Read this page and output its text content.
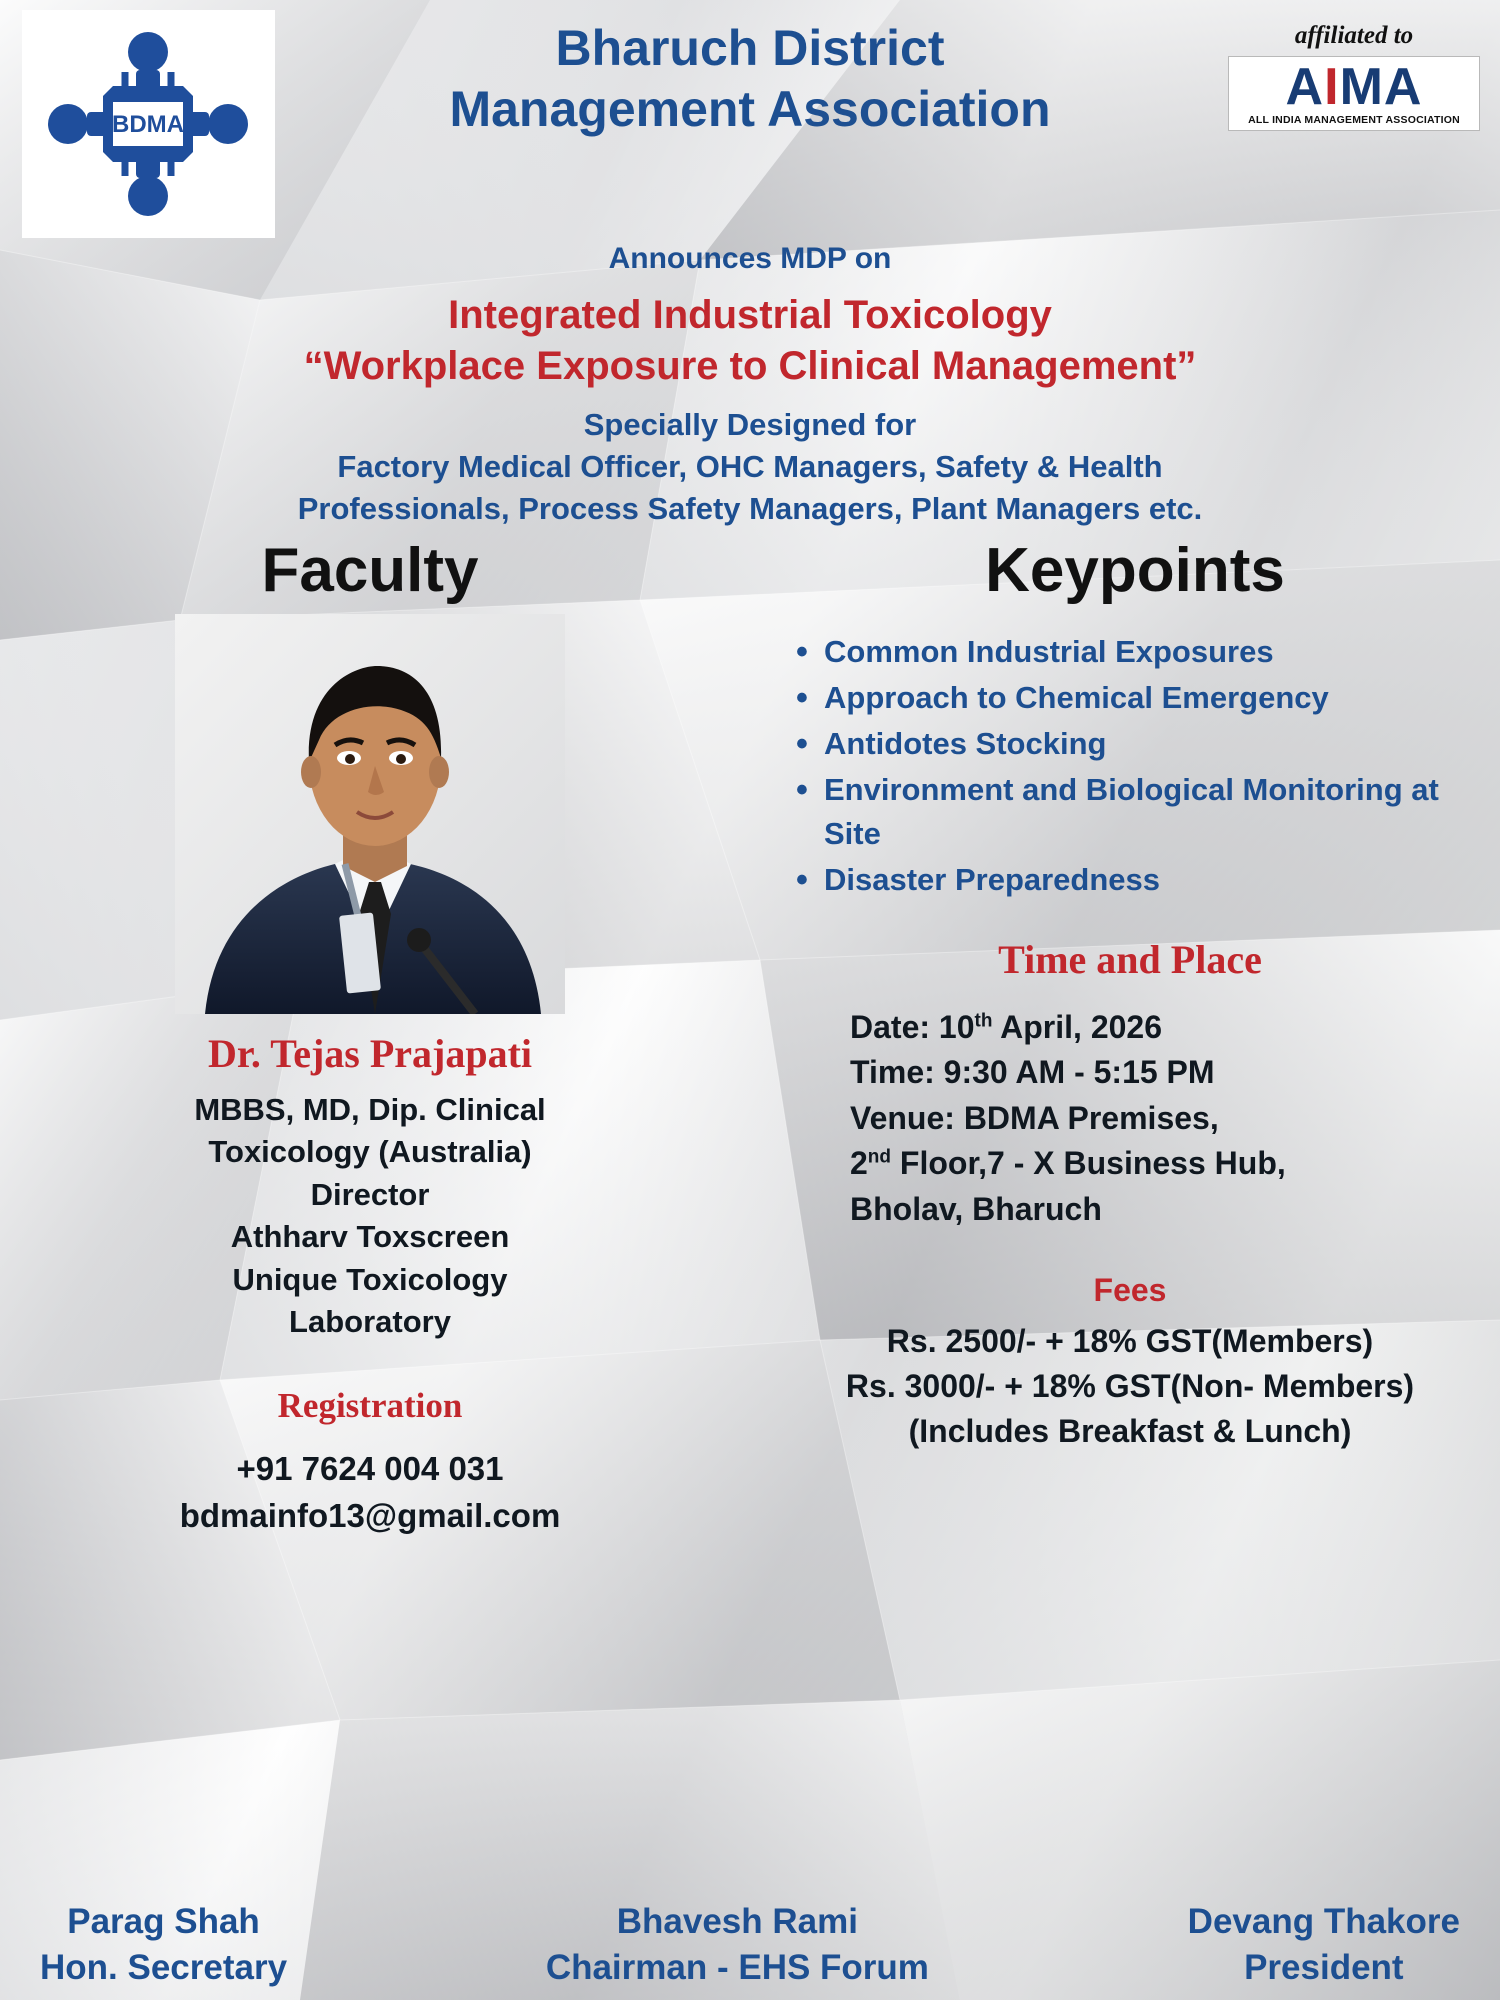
BDMA
Bharuch District
Management Association
affiliated to
AIMA
ALL INDIA MANAGEMENT ASSOCIATION
Announces MDP on
Integrated Industrial Toxicology
“Workplace Exposure to Clinical Management”
Specially Designed for
Factory Medical Officer, OHC Managers, Safety & Health
Professionals, Process Safety Managers, Plant Managers etc.
Faculty
Dr. Tejas Prajapati
MBBS, MD, Dip. Clinical
Toxicology (Australia)
Director
Athharv Toxscreen
Unique Toxicology
Laboratory
Registration
+91 7624 004 031
bdmainfo13@gmail.com
Keypoints
• Common Industrial Exposures
• Approach to Chemical Emergency
• Antidotes Stocking
• Environment and Biological Monitoring at Site
• Disaster Preparedness
Time and Place
Date: 10th April, 2026
Time: 9:30 AM - 5:15 PM
Venue: BDMA Premises,
2nd Floor,7 - X Business Hub,
Bholav, Bharuch
Fees
Rs. 2500/- + 18% GST(Members)
Rs. 3000/- + 18% GST(Non- Members)
(Includes Breakfast & Lunch)
Parag Shah
Hon. Secretary
Bhavesh Rami
Chairman - EHS Forum
Devang Thakore
President
